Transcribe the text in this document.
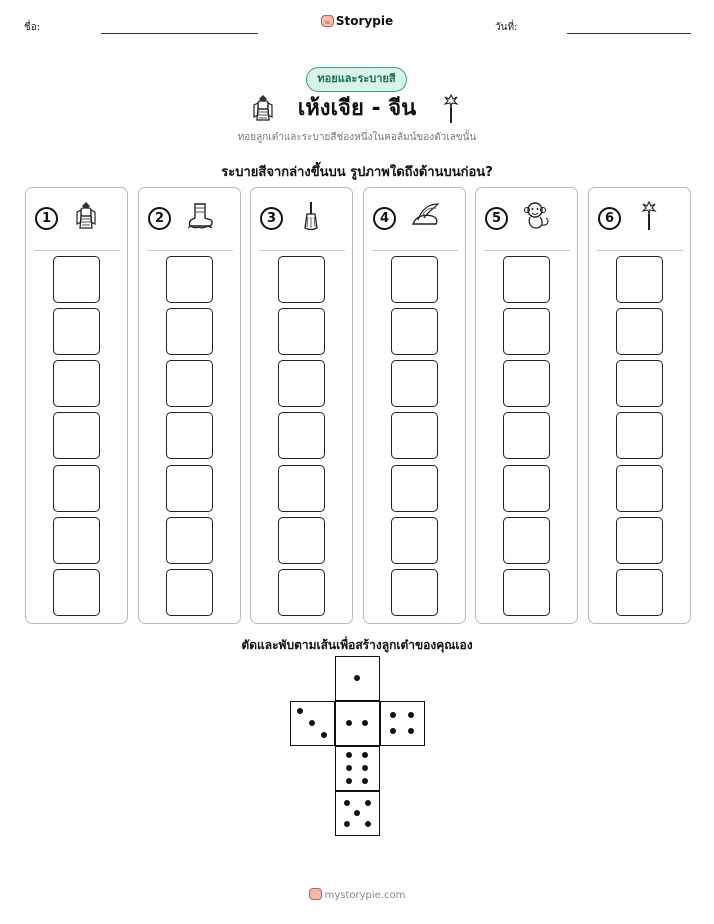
ชื่อ:	Storypie	วันที่:
ทอยและระบายสี
เห้งเจีย - จีน
ทอยลูกเต๋าและระบายสีช่องหนึ่งในคอลัมน์ของตัวเลขนั้น
ระบายสีจากล่างขึ้นบน รูปภาพใดถึงด้านบนก่อน?
1	2	3	4	5	6
ตัดและพับตามเส้นเพื่อสร้างลูกเต๋าของคุณเอง
mystorypie.com
